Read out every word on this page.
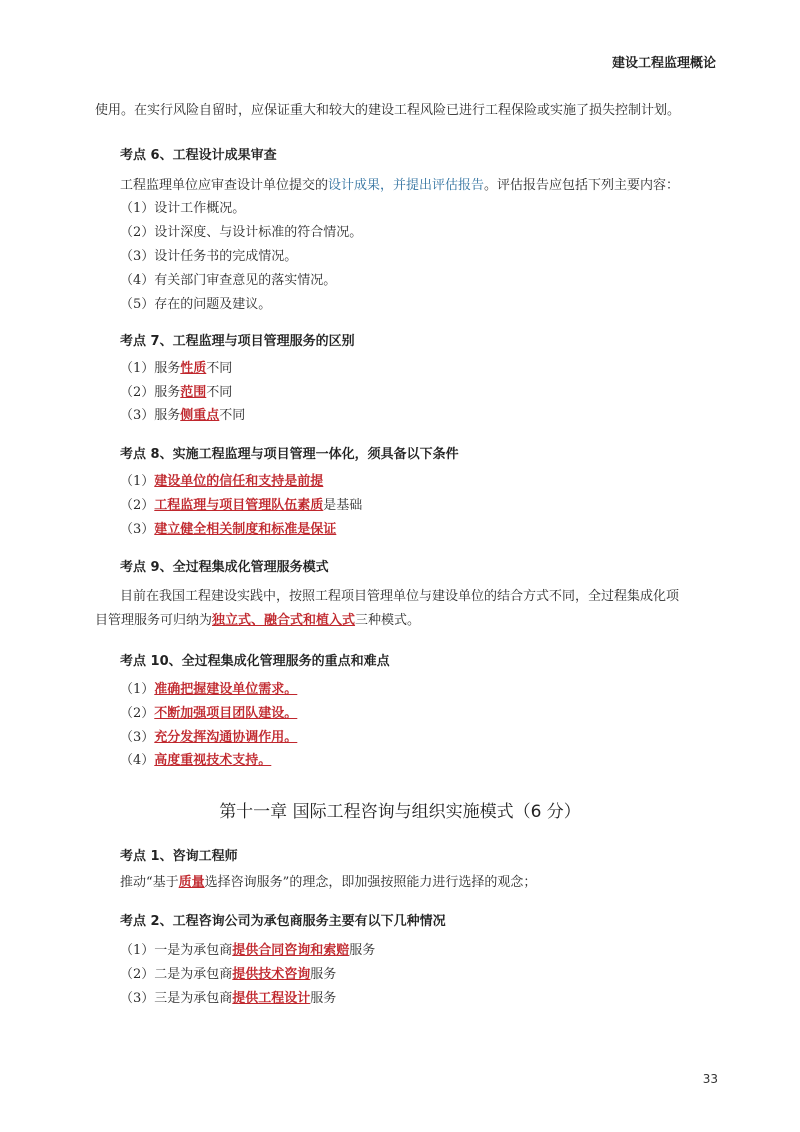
建设工程监理概论
使用。在实行风险自留时，应保证重大和较大的建设工程风险已进行工程保险或实施了损失控制计划。
考点 6、工程设计成果审查
工程监理单位应审查设计单位提交的设计成果，并提出评估报告。评估报告应包括下列主要内容：
（1）设计工作概况。
（2）设计深度、与设计标准的符合情况。
（3）设计任务书的完成情况。
（4）有关部门审查意见的落实情况。
（5）存在的问题及建议。
考点 7、工程监理与项目管理服务的区别
（1）服务性质不同
（2）服务范围不同
（3）服务侧重点不同
考点 8、实施工程监理与项目管理一体化，须具备以下条件
（1）建设单位的信任和支持是前提
（2）工程监理与项目管理队伍素质是基础
（3）建立健全相关制度和标准是保证
考点 9、全过程集成化管理服务模式
目前在我国工程建设实践中，按照工程项目管理单位与建设单位的结合方式不同，全过程集成化项
目管理服务可归纳为独立式、融合式和植入式三种模式。
考点 10、全过程集成化管理服务的重点和难点
（1）准确把握建设单位需求。
（2）不断加强项目团队建设。
（3）充分发挥沟通协调作用。
（4）高度重视技术支持。
第十一章 国际工程咨询与组织实施模式（6 分）
考点 1、咨询工程师
推动“基于质量选择咨询服务”的理念，即加强按照能力进行选择的观念；
考点 2、工程咨询公司为承包商服务主要有以下几种情况
（1）一是为承包商提供合同咨询和索赔服务
（2）二是为承包商提供技术咨询服务
（3）三是为承包商提供工程设计服务
33
